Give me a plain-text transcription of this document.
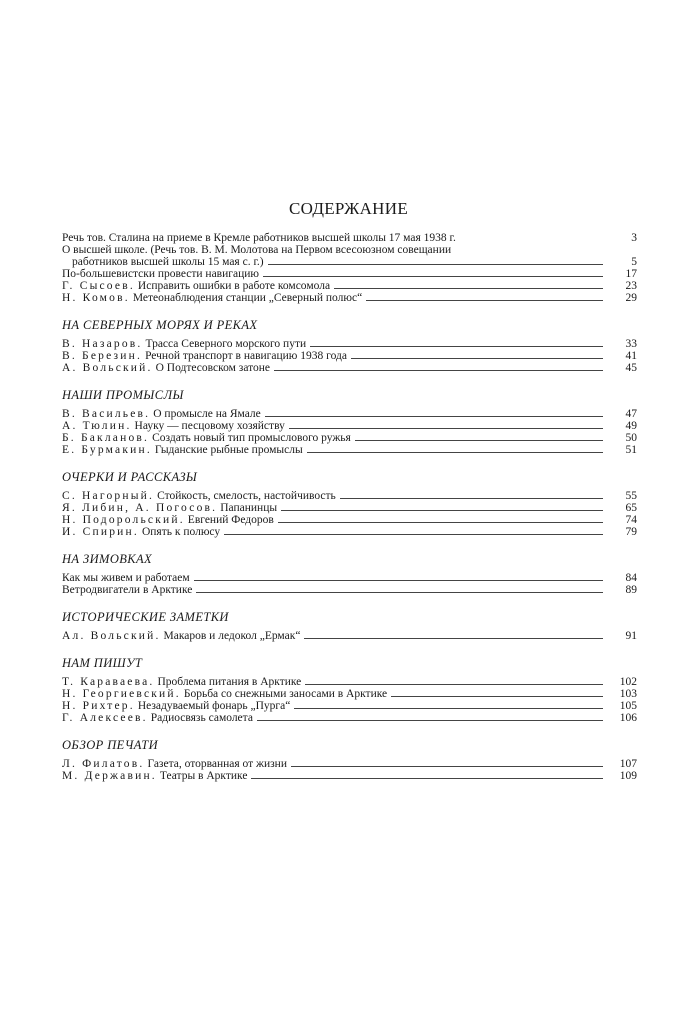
СОДЕРЖАНИЕ
Речь тов. Сталина на приеме в Кремле работников высшей школы 17 мая 1938 г.	3
О высшей школе. (Речь тов. В. М. Молотова на Первом всесоюзном совещании
работников высшей школы 15 мая с. г.)	5
По-большевистски провести навигацию	17
Г. Сысоев. Исправить ошибки в работе комсомола	23
Н. Комов. Метеонаблюдения станции „Северный полюс“	29
НА СЕВЕРНЫХ МОРЯХ И РЕКАХ
В. Назаров. Трасса Северного морского пути	33
В. Березин. Речной транспорт в навигацию 1938 года	41
А. Вольский. О Подтесовском затоне	45
НАШИ ПРОМЫСЛЫ
В. Васильев. О промысле на Ямале	47
А. Тюлин. Науку — песцовому хозяйству	49
Б. Бакланов. Создать новый тип промыслового ружья	50
Е. Бурмакин. Гыданские рыбные промыслы	51
ОЧЕРКИ И РАССКАЗЫ
С. Нагорный. Стойкость, смелость, настойчивость	55
Я. Либин, А. Погосов. Папанинцы	65
Н. Подорольский. Евгений Федоров	74
И. Спирин. Опять к полюсу	79
НА ЗИМОВКАХ
Как мы живем и работаем	84
Ветродвигатели в Арктике	89
ИСТОРИЧЕСКИЕ ЗАМЕТКИ
Ал. Вольский. Макаров и ледокол „Ермак“	91
НАМ ПИШУТ
Т. Караваева. Проблема питания в Арктике	102
Н. Георгиевский. Борьба со снежными заносами в Арктике	103
Н. Рихтер. Незадуваемый фонарь „Пурга“	105
Г. Алексеев. Радиосвязь самолета	106
ОБЗОР ПЕЧАТИ
Л. Филатов. Газета, оторванная от жизни	107
М. Державин. Театры в Арктике	109
